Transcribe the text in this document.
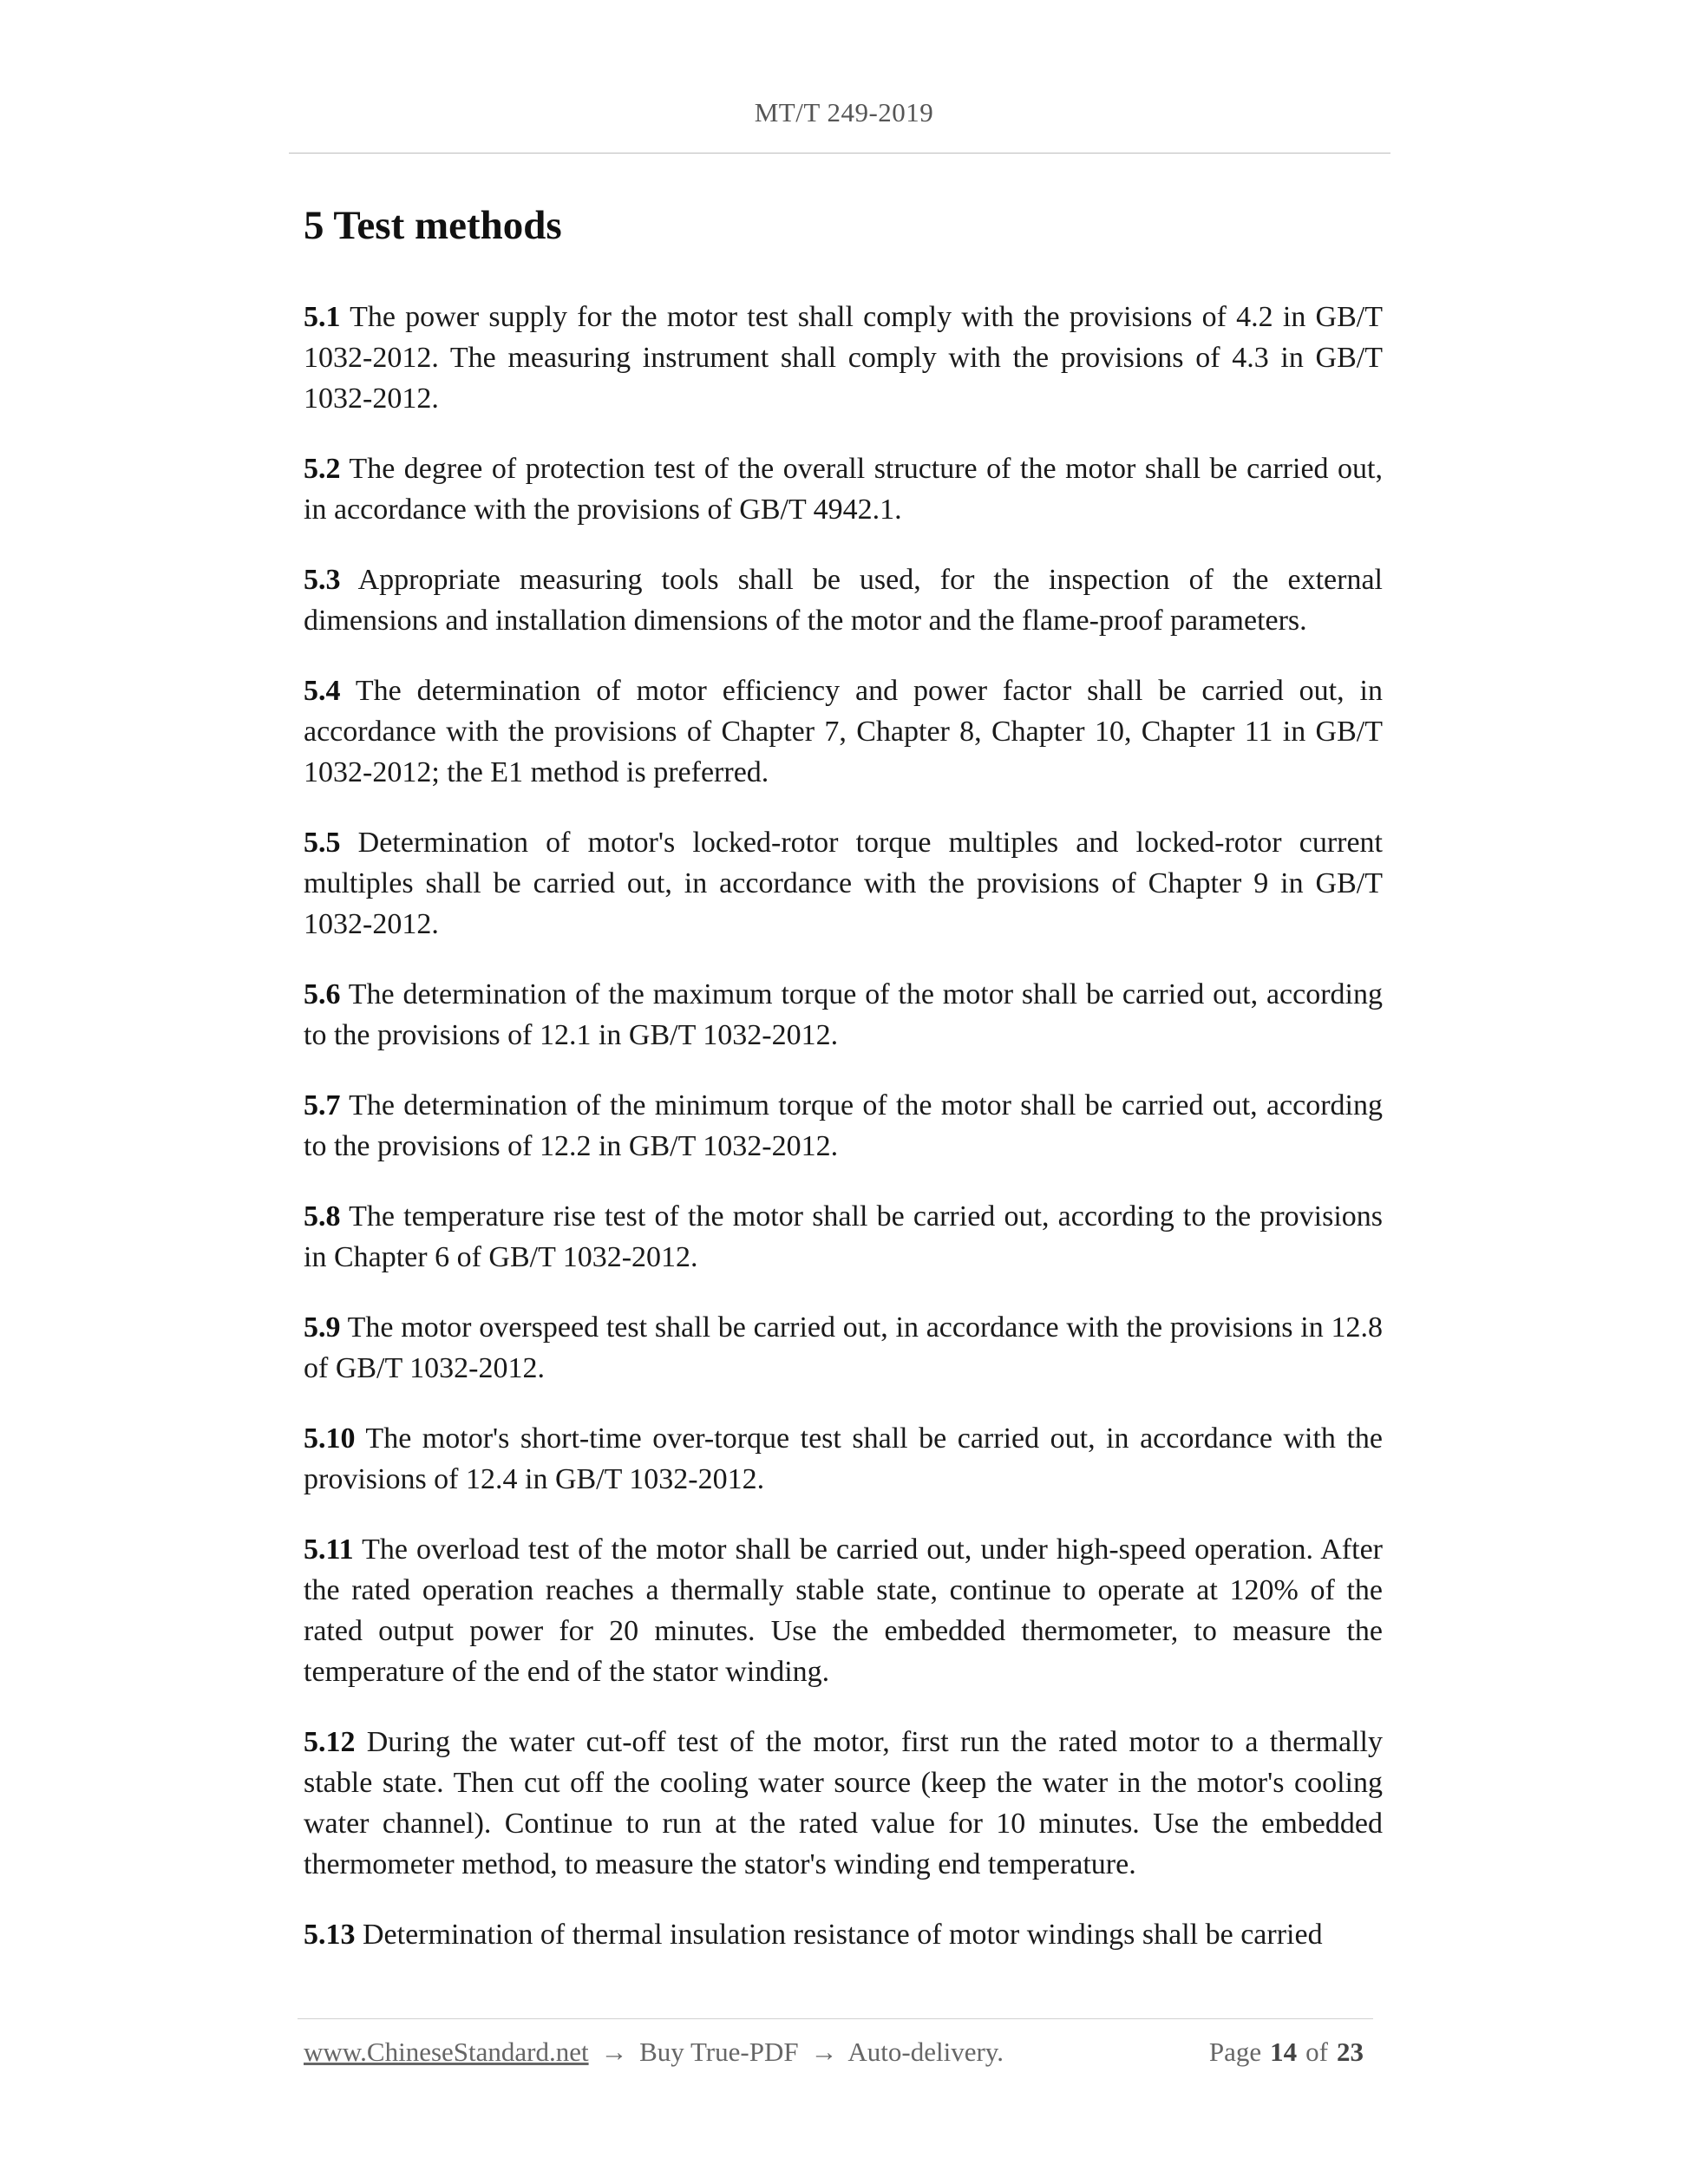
MT/T 249-2019
5 Test methods

5.1 The power supply for the motor test shall comply with the provisions of 4.2 in GB/T 1032-2012. The measuring instrument shall comply with the provisions of 4.3 in GB/T 1032-2012.

5.2 The degree of protection test of the overall structure of the motor shall be carried out, in accordance with the provisions of GB/T 4942.1.

5.3 Appropriate measuring tools shall be used, for the inspection of the external dimensions and installation dimensions of the motor and the flame-proof parameters.

5.4 The determination of motor efficiency and power factor shall be carried out, in accordance with the provisions of Chapter 7, Chapter 8, Chapter 10, Chapter 11 in GB/T 1032-2012; the E1 method is preferred.

5.5 Determination of motor's locked-rotor torque multiples and locked-rotor current multiples shall be carried out, in accordance with the provisions of Chapter 9 in GB/T 1032-2012.

5.6 The determination of the maximum torque of the motor shall be carried out, according to the provisions of 12.1 in GB/T 1032-2012.

5.7 The determination of the minimum torque of the motor shall be carried out, according to the provisions of 12.2 in GB/T 1032-2012.

5.8 The temperature rise test of the motor shall be carried out, according to the provisions in Chapter 6 of GB/T 1032-2012.

5.9 The motor overspeed test shall be carried out, in accordance with the provisions in 12.8 of GB/T 1032-2012.

5.10 The motor's short-time over-torque test shall be carried out, in accordance with the provisions of 12.4 in GB/T 1032-2012.

5.11 The overload test of the motor shall be carried out, under high-speed operation. After the rated operation reaches a thermally stable state, continue to operate at 120% of the rated output power for 20 minutes. Use the embedded thermometer, to measure the temperature of the end of the stator winding.

5.12 During the water cut-off test of the motor, first run the rated motor to a thermally stable state. Then cut off the cooling water source (keep the water in the motor's cooling water channel). Continue to run at the rated value for 10 minutes. Use the embedded thermometer method, to measure the stator's winding end temperature.

5.13 Determination of thermal insulation resistance of motor windings shall be carried

www.ChineseStandard.net → Buy True-PDF → Auto-delivery.	Page 14 of 23
